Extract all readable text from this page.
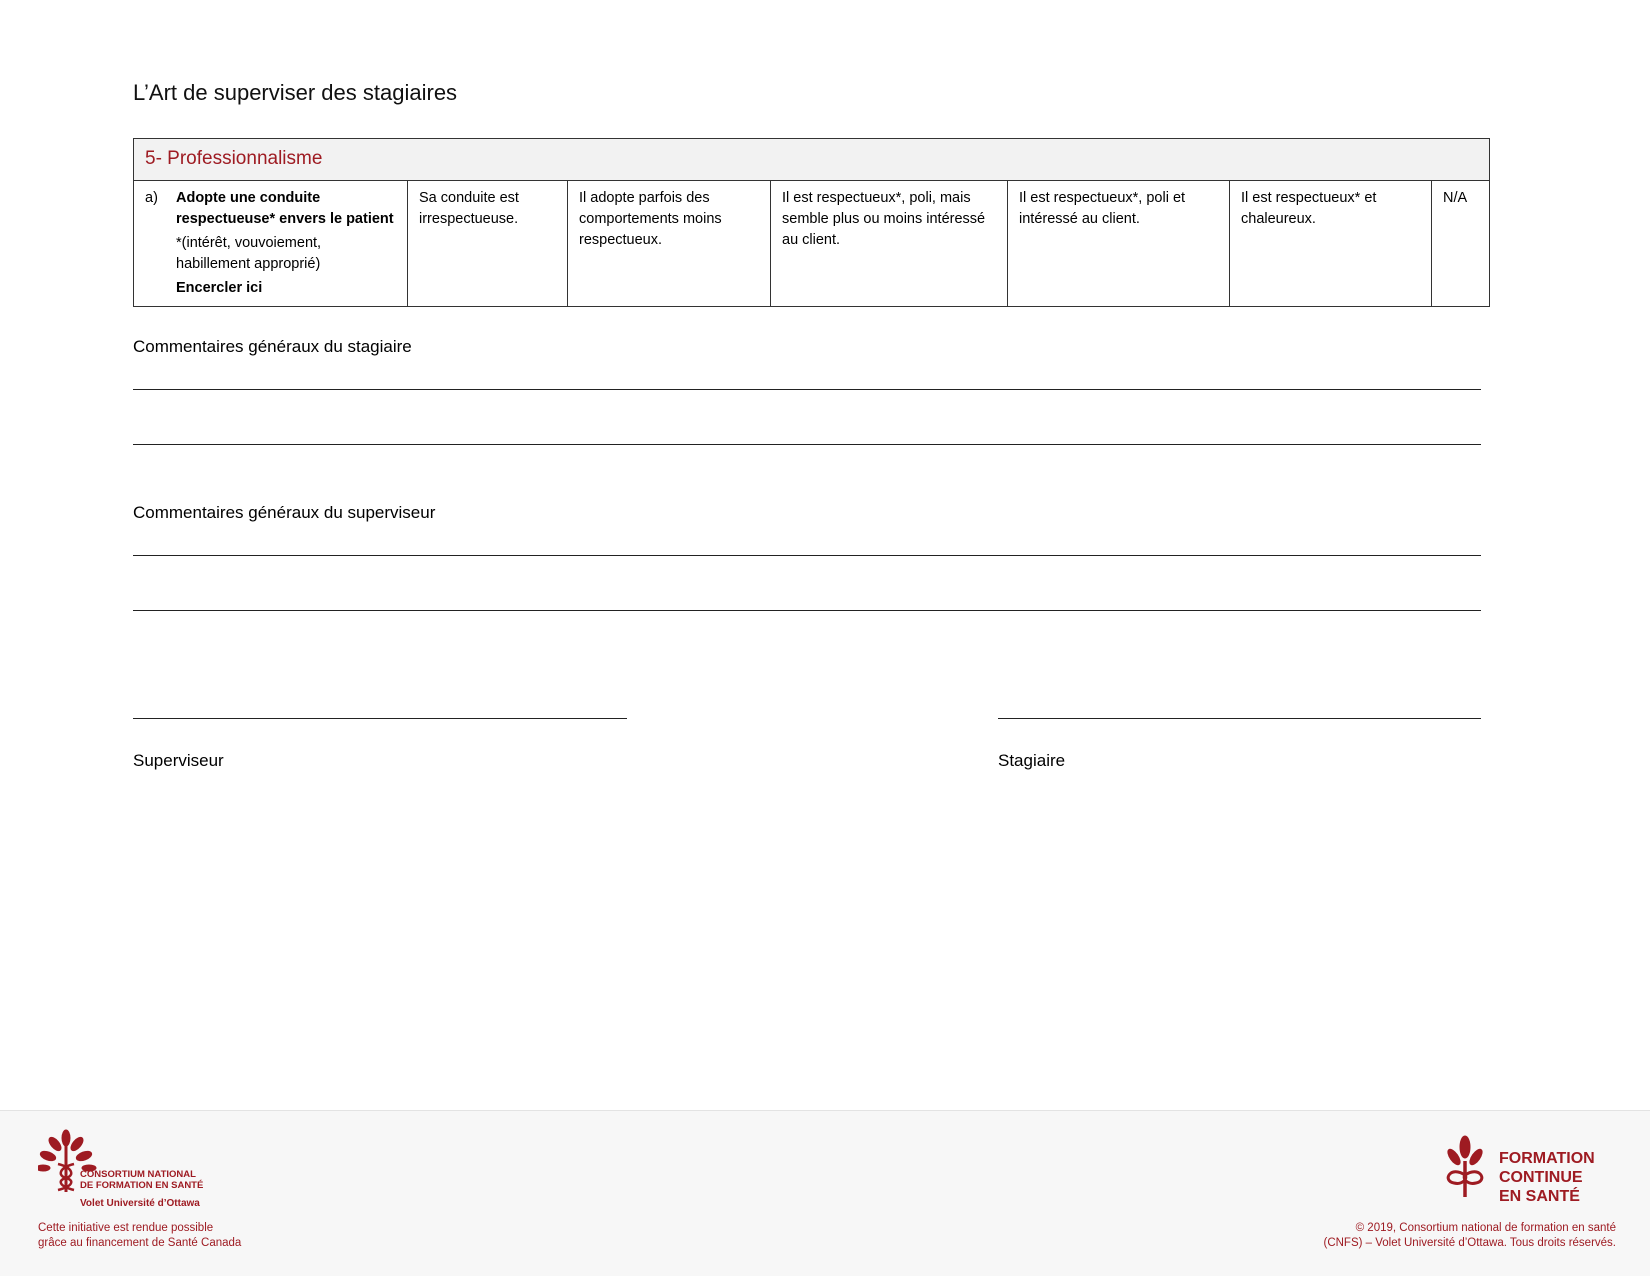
L’Art de superviser des stagiaires
5- Professionnalisme

a)	Adopte une conduite
respectueuse* envers le patient
*(intérêt, vouvoiement,
habillement approprié)
Encercler ici

Sa conduite est
irrespectueuse.

Il adopte parfois des
comportements moins
respectueux.

Il est respectueux*, poli, mais
semble plus ou moins intéressé
au client.

Il est respectueux*, poli et
intéressé au client.

Il est respectueux* et
chaleureux.

N/A
Commentaires généraux du stagiaire
Commentaires généraux du superviseur
Superviseur	Stagiaire
CONSORTIUM NATIONAL
DE FORMATION EN SANTÉ
Volet Université d’Ottawa
Cette initiative est rendue possible
grâce au financement de Santé Canada
FORMATION
CONTINUE
EN SANTÉ
© 2019, Consortium national de formation en santé
(CNFS) – Volet Université d’Ottawa. Tous droits réservés.
